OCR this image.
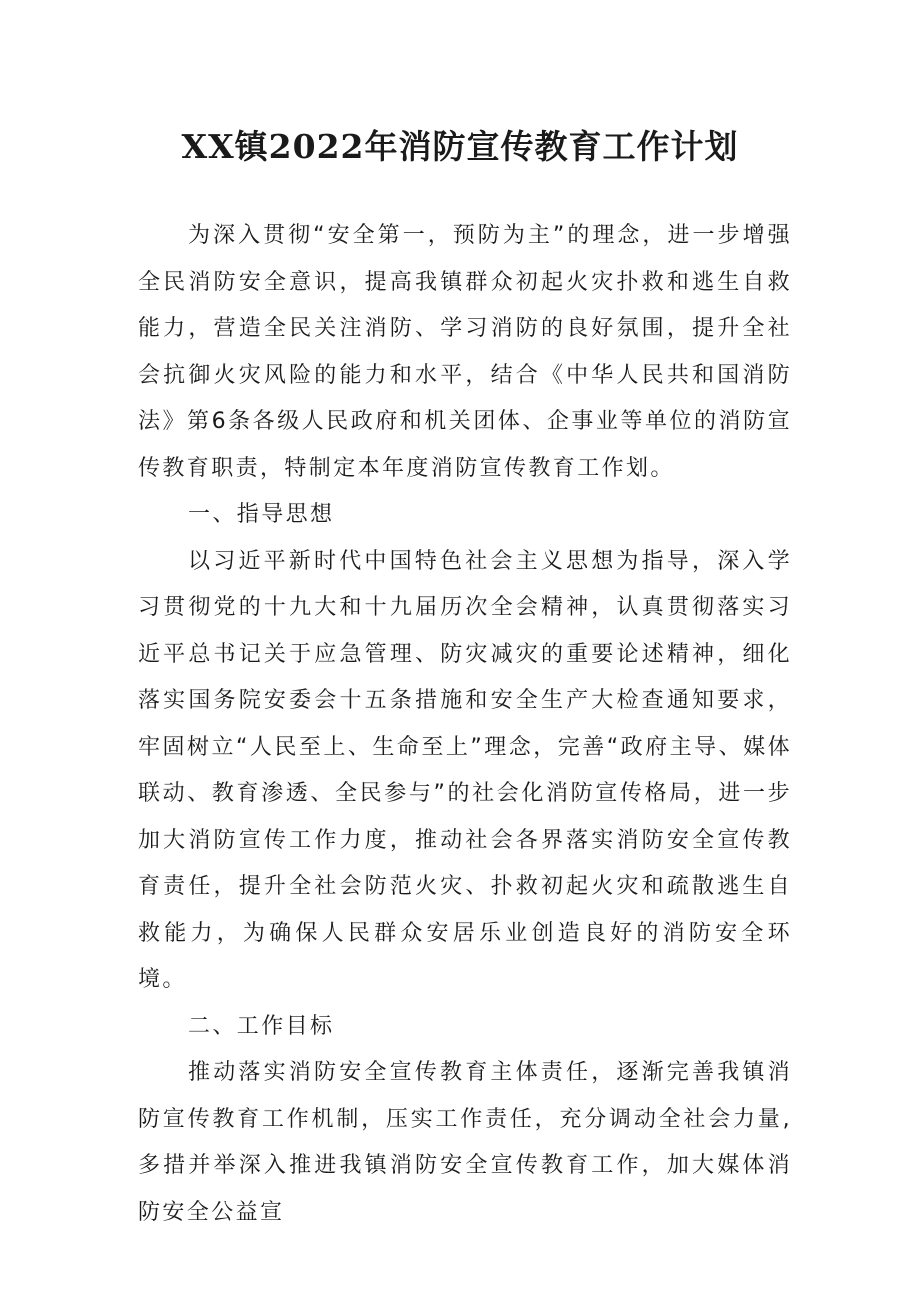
XX镇2022年消防宣传教育工作计划

为深入贯彻“安全第一，预防为主”的理念，进一步增强全民消防安全意识，提高我镇群众初起火灾扑救和逃生自救能力，营造全民关注消防、学习消防的良好氛围，提升全社会抗御火灾风险的能力和水平，结合《中华人民共和国消防法》第6条各级人民政府和机关团体、企事业等单位的消防宣传教育职责，特制定本年度消防宣传教育工作划。

一、指导思想

以习近平新时代中国特色社会主义思想为指导，深入学习贯彻党的十九大和十九届历次全会精神，认真贯彻落实习近平总书记关于应急管理、防灾减灾的重要论述精神，细化落实国务院安委会十五条措施和安全生产大检查通知要求，牢固树立“人民至上、生命至上”理念，完善“政府主导、媒体联动、教育渗透、全民参与”的社会化消防宣传格局，进一步加大消防宣传工作力度，推动社会各界落实消防安全宣传教育责任，提升全社会防范火灾、扑救初起火灾和疏散逃生自救能力，为确保人民群众安居乐业创造良好的消防安全环境。

二、工作目标

推动落实消防安全宣传教育主体责任，逐渐完善我镇消防宣传教育工作机制，压实工作责任，充分调动全社会力量,多措并举深入推进我镇消防安全宣传教育工作，加大媒体消防安全公益宣
